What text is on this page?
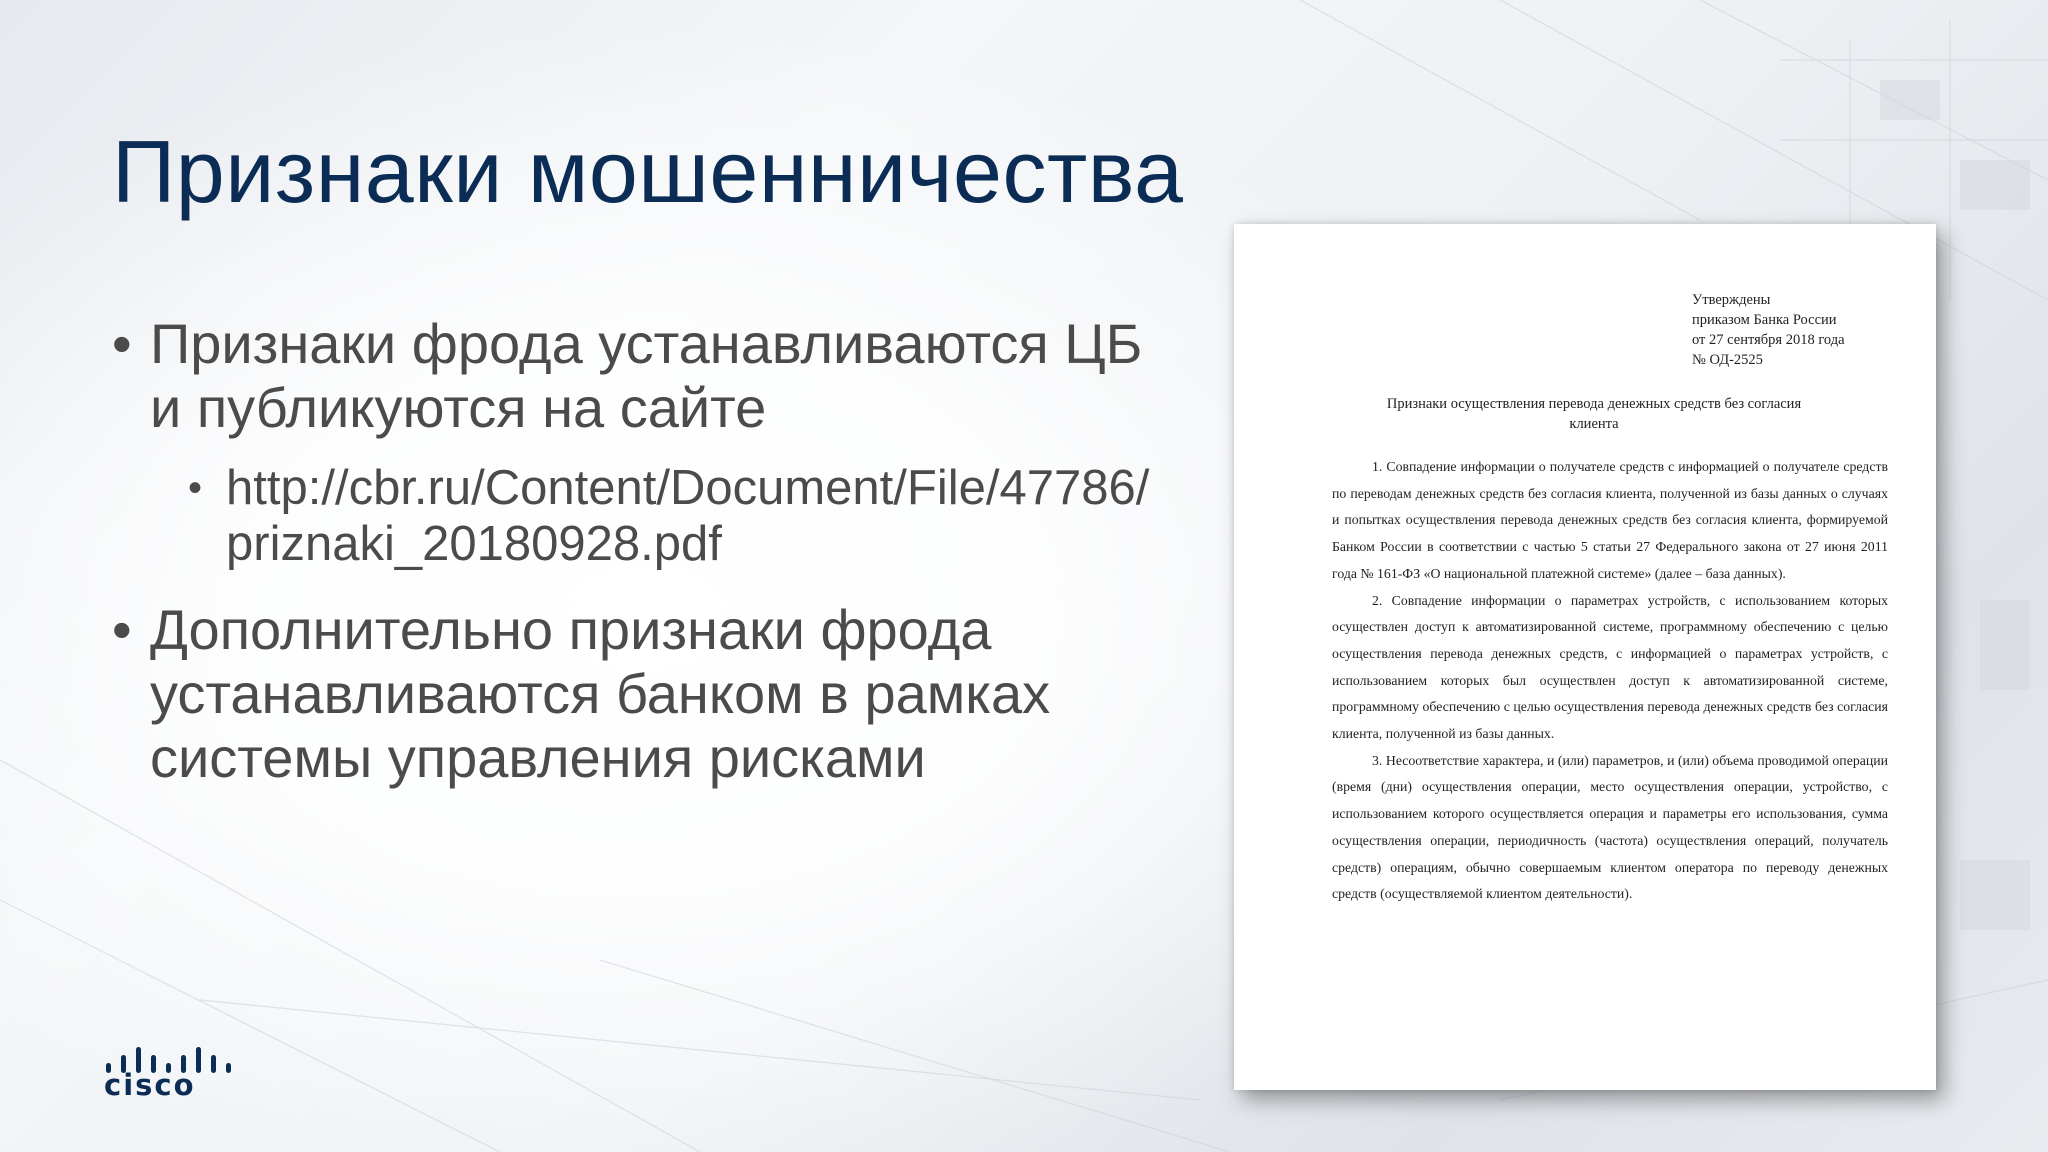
Признаки мошенничества
• Признаки фрода устанавливаются ЦБ и публикуются на сайте
• http://cbr.ru/Content/Document/File/47786/priznaki_20180928.pdf
• Дополнительно признаки фрода устанавливаются банком в рамках системы управления рисками
cisco
Утверждены
приказом Банка России
от 27 сентября 2018 года
№ ОД-2525
Признаки осуществления перевода денежных средств без согласия клиента

1. Совпадение информации о получателе средств с информацией о получателе средств по переводам денежных средств без согласия клиента, полученной из базы данных о случаях и попытках осуществления перевода денежных средств без согласия клиента, формируемой Банком России в соответствии с частью 5 статьи 27 Федерального закона от 27 июня 2011 года № 161-ФЗ «О национальной платежной системе» (далее – база данных).

2. Совпадение информации о параметрах устройств, с использованием которых осуществлен доступ к автоматизированной системе, программному обеспечению с целью осуществления перевода денежных средств, с информацией о параметрах устройств, с использованием которых был осуществлен доступ к автоматизированной системе, программному обеспечению с целью осуществления перевода денежных средств без согласия клиента, полученной из базы данных.

3. Несоответствие характера, и (или) параметров, и (или) объема проводимой операции (время (дни) осуществления операции, место осуществления операции, устройство, с использованием которого осуществляется операция и параметры его использования, сумма осуществления операции, периодичность (частота) осуществления операций, получатель средств) операциям, обычно совершаемым клиентом оператора по переводу денежных средств (осуществляемой клиентом деятельности).
